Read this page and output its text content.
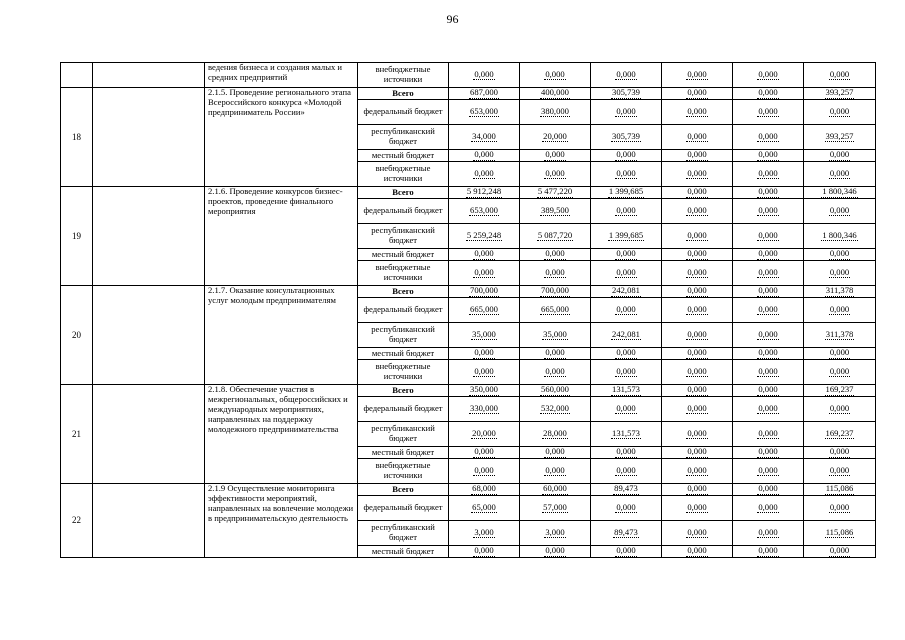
96
		ведения бизнеса и создания малых и средних предприятий	внебюджетные источники	0,000	0,000	0,000	0,000	0,000	0,000
18		2.1.5. Проведение регионального этапа Всероссийского конкурса «Молодой предприниматель России»	Всего	687,000	400,000	305,739	0,000	0,000	393,257
			федеральный бюджет	653,000	380,000	0,000	0,000	0,000	0,000
			республиканский бюджет	34,000	20,000	305,739	0,000	0,000	393,257
			местный бюджет	0,000	0,000	0,000	0,000	0,000	0,000
			внебюджетные источники	0,000	0,000	0,000	0,000	0,000	0,000
19		2.1.6. Проведение конкурсов бизнес-проектов, проведение финального мероприятия	Всего	5 912,248	5 477,220	1 399,685	0,000	0,000	1 800,346
			федеральный бюджет	653,000	389,500	0,000	0,000	0,000	0,000
			республиканский бюджет	5 259,248	5 087,720	1 399,685	0,000	0,000	1 800,346
			местный бюджет	0,000	0,000	0,000	0,000	0,000	0,000
			внебюджетные источники	0,000	0,000	0,000	0,000	0,000	0,000
20		2.1.7. Оказание консультационных услуг молодым предпринимателям	Всего	700,000	700,000	242,081	0,000	0,000	311,378
			федеральный бюджет	665,000	665,000	0,000	0,000	0,000	0,000
			республиканский бюджет	35,000	35,000	242,081	0,000	0,000	311,378
			местный бюджет	0,000	0,000	0,000	0,000	0,000	0,000
			внебюджетные источники	0,000	0,000	0,000	0,000	0,000	0,000
21		2.1.8. Обеспечение участия в межрегиональных, общероссийских и международных мероприятиях, направленных на поддержку молодежного предпринимательства	Всего	350,000	560,000	131,573	0,000	0,000	169,237
			федеральный бюджет	330,000	532,000	0,000	0,000	0,000	0,000
			республиканский бюджет	20,000	28,000	131,573	0,000	0,000	169,237
			местный бюджет	0,000	0,000	0,000	0,000	0,000	0,000
			внебюджетные источники	0,000	0,000	0,000	0,000	0,000	0,000
22		2.1.9 Осуществление мониторинга эффективности мероприятий, направленных на вовлечение молодежи в предпринимательскую деятельность	Всего	68,000	60,000	89,473	0,000	0,000	115,086
			федеральный бюджет	65,000	57,000	0,000	0,000	0,000	0,000
			республиканский бюджет	3,000	3,000	89,473	0,000	0,000	115,086
			местный бюджет	0,000	0,000	0,000	0,000	0,000	0,000
